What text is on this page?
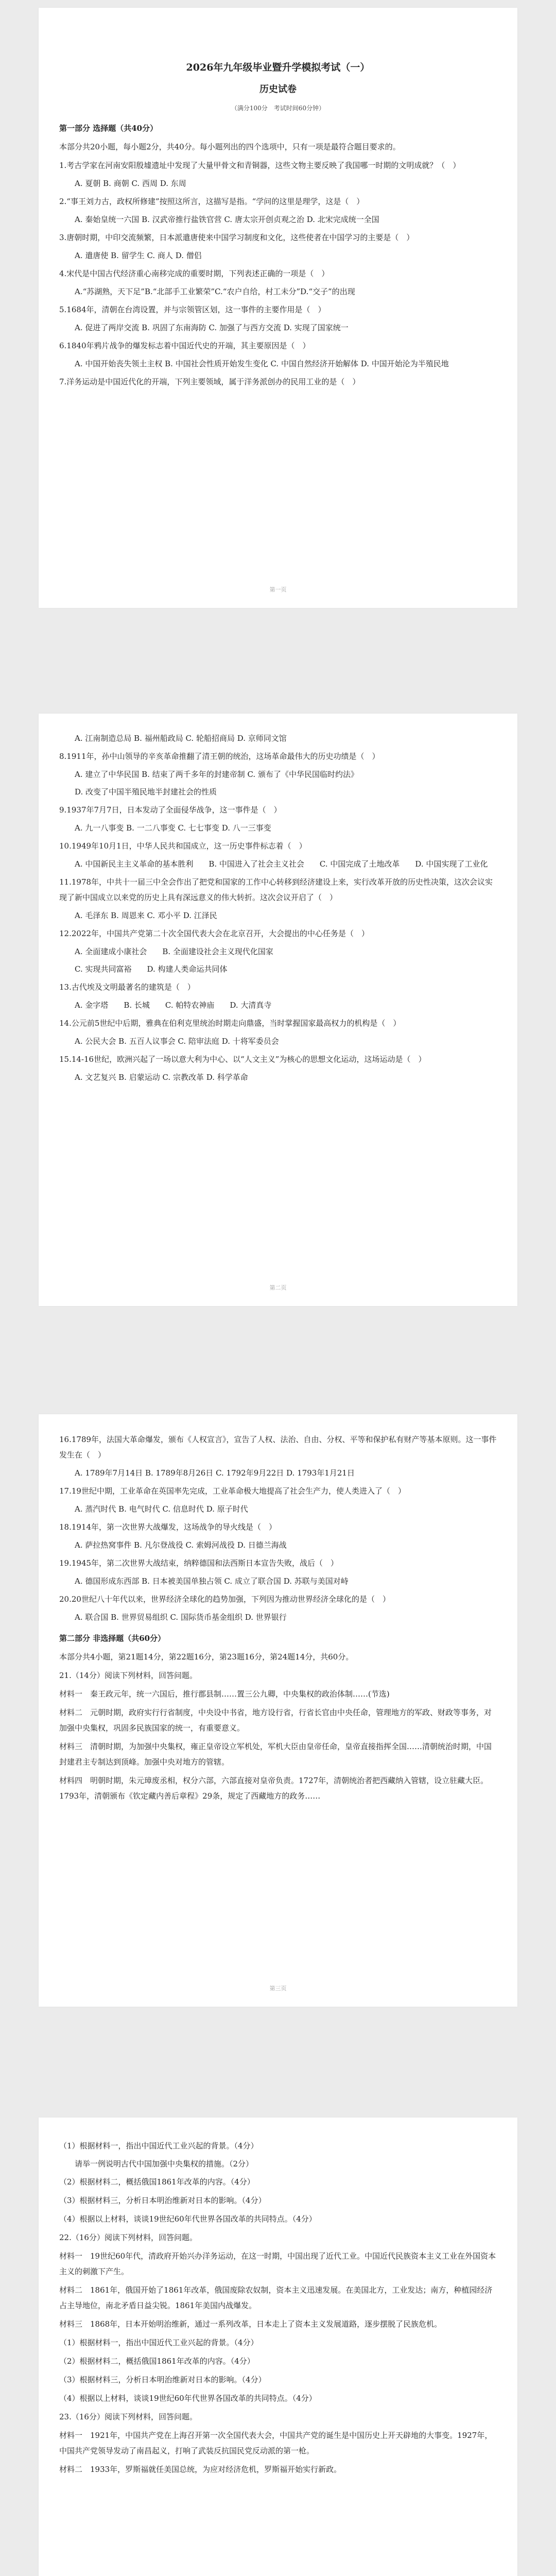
2026年九年级毕业暨升学模拟考试（一）
历史试卷
（满分100分　考试时间60分钟）
第一部分 选择题（共40分）
本部分共20小题，每小题2分，共40分。每小题列出的四个选项中，只有一项是最符合题目要求的。
1.考古学家在河南安阳殷墟遗址中发现了大量甲骨文和青铜器，这些文物主要反映了我国哪一时期的文明成就？（　）
A. 夏朝 B. 商朝 C. 西周 D. 东周
2.“事王刘力古，政权所修建”按照这所言，这描写是指。“学问的这里是理学，这是（　）
A. 秦始皇统一六国 B. 汉武帝推行盐铁官营 C. 唐太宗开创贞观之治 D. 北宋完成统一全国
3.唐朝时期，中印交流频繁，日本派遣唐使来中国学习制度和文化，这些使者在中国学习的主要是（　）
A. 遣唐使 B. 留学生 C. 商人 D. 僧侣
4.宋代是中国古代经济重心南移完成的重要时期，下列表述正确的一项是（　）
A.“苏湖熟，天下足”B.“北部手工业繁荣”C.“农户自给，村工未分”D.“交子”的出现
5.1684年，清朝在台湾设置，并与宗领管区划，这一事件的主要作用是（　）
A. 促进了两岸交流 B. 巩固了东南海防 C. 加强了与西方交流 D. 实现了国家统一
6.1840年鸦片战争的爆发标志着中国近代史的开端，其主要原因是（　）
A. 中国开始丧失领土主权 B. 中国社会性质开始发生变化 C. 中国自然经济开始解体 D. 中国开始沦为半殖民地
7.洋务运动是中国近代化的开端，下列主要领域，属于洋务派创办的民用工业的是（　）
第一页
A. 江南制造总局 B. 福州船政局 C. 轮船招商局 D. 京师同文馆
8.1911年，孙中山领导的辛亥革命推翻了清王朝的统治，这场革命最伟大的历史功绩是（　）
A. 建立了中华民国 B. 结束了两千多年的封建帝制 C. 颁布了《中华民国临时约法》
D. 改变了中国半殖民地半封建社会的性质
9.1937年7月7日，日本发动了全面侵华战争，这一事件是（　）
A. 九一八事变 B. 一二八事变 C. 七七事变 D. 八一三事变
10.1949年10月1日，中华人民共和国成立，这一历史事件标志着（　）
A. 中国新民主主义革命的基本胜利　　B. 中国进入了社会主义社会　　C. 中国完成了土地改革　　D. 中国实现了工业化
11.1978年，中共十一届三中全会作出了把党和国家的工作中心转移到经济建设上来，实行改革开放的历史性决策，这次会议实现了新中国成立以来党的历史上具有深远意义的伟大转折。这次会议开启了（　）
A. 毛泽东 B. 周恩来 C. 邓小平 D. 江泽民
12.2022年，中国共产党第二十次全国代表大会在北京召开，大会提出的中心任务是（　）
A. 全面建成小康社会　　B. 全面建设社会主义现代化国家
C. 实现共同富裕　　D. 构建人类命运共同体
13.古代埃及文明最著名的建筑是（　）
A. 金字塔　　B. 长城　　C. 帕特农神庙　　D. 大清真寺
14.公元前5世纪中后期，雅典在伯利克里统治时期走向鼎盛，当时掌握国家最高权力的机构是（　）
A. 公民大会 B. 五百人议事会 C. 陪审法庭 D. 十将军委员会
15.14-16世纪，欧洲兴起了一场以意大利为中心、以“人文主义”为核心的思想文化运动，这场运动是（　）
A. 文艺复兴 B. 启蒙运动 C. 宗教改革 D. 科学革命
第二页
16.1789年，法国大革命爆发，颁布《人权宣言》，宣告了人权、法治、自由、分权、平等和保护私有财产等基本原则。这一事件发生在（　）
A. 1789年7月14日 B. 1789年8月26日 C. 1792年9月22日 D. 1793年1月21日
17.19世纪中期，工业革命在英国率先完成，工业革命极大地提高了社会生产力，使人类进入了（　）
A. 蒸汽时代 B. 电气时代 C. 信息时代 D. 原子时代
18.1914年，第一次世界大战爆发，这场战争的导火线是（　）
A. 萨拉热窝事件 B. 凡尔登战役 C. 索姆河战役 D. 日德兰海战
19.1945年，第二次世界大战结束，纳粹德国和法西斯日本宣告失败，战后（　）
A. 德国形成东西部 B. 日本被美国单独占领 C. 成立了联合国 D. 苏联与美国对峙
20.20世纪八十年代以来，世界经济全球化的趋势加强，下列因为推动世界经济全球化的是（　）
A. 联合国 B. 世界贸易组织 C. 国际货币基金组织 D. 世界银行
第二部分 非选择题（共60分）
本部分共4小题，第21题14分，第22题16分，第23题16分，第24题14分，共60分。
21.（14分）阅读下列材料，回答问题。
材料一　秦王政元年，统一六国后，推行郡县制……置三公九卿，中央集权的政治体制……(节选)
材料二　元朝时期，政府实行行省制度，中央设中书省，地方设行省，行省长官由中央任命，管理地方的军政、财政等事务，对加强中央集权，巩固多民族国家的统一，有重要意义。
材料三　清朝时期，为加强中央集权，雍正皇帝设立军机处，军机大臣由皇帝任命，皇帝直接指挥全国……清朝统治时期，中国封建君主专制达到顶峰。加强中央对地方的管辖。
材料四　明朝时期，朱元璋废丞相，权分六部，六部直接对皇帝负责。1727年，清朝统治者把西藏纳入管辖，设立驻藏大臣。1793年，清朝颁布《钦定藏内善后章程》29条，规定了西藏地方的政务……
第三页
（1）根据材料一，指出中国近代工业兴起的背景。（4分）
请举一例说明古代中国加强中央集权的措施。（2分）
（2）根据材料二，概括俄国1861年改革的内容。（4分）
（3）根据材料三，分析日本明治维新对日本的影响。（4分）
（4）根据以上材料，谈谈19世纪60年代世界各国改革的共同特点。（4分）
22.（16分）阅读下列材料，回答问题。
材料一　19世纪60年代，清政府开始兴办洋务运动，在这一时期，中国出现了近代工业。中国近代民族资本主义工业在外国资本主义的刺激下产生。
材料二　1861年，俄国开始了1861年改革，俄国废除农奴制，资本主义迅速发展。在美国北方，工业发达；南方，种植园经济占主导地位，南北矛盾日益尖锐。1861年美国内战爆发。
材料三　1868年，日本开始明治维新，通过一系列改革，日本走上了资本主义发展道路，逐步摆脱了民族危机。
（1）根据材料一，指出中国近代工业兴起的背景。（4分）
（2）根据材料二，概括俄国1861年改革的内容。（4分）
（3）根据材料三，分析日本明治维新对日本的影响。（4分）
（4）根据以上材料，谈谈19世纪60年代世界各国改革的共同特点。（4分）
23.（16分）阅读下列材料，回答问题。
材料一　1921年，中国共产党在上海召开第一次全国代表大会，中国共产党的诞生是中国历史上开天辟地的大事变。1927年，中国共产党领导发动了南昌起义，打响了武装反抗国民党反动派的第一枪。
材料二　1933年，罗斯福就任美国总统，为应对经济危机，罗斯福开始实行新政。
